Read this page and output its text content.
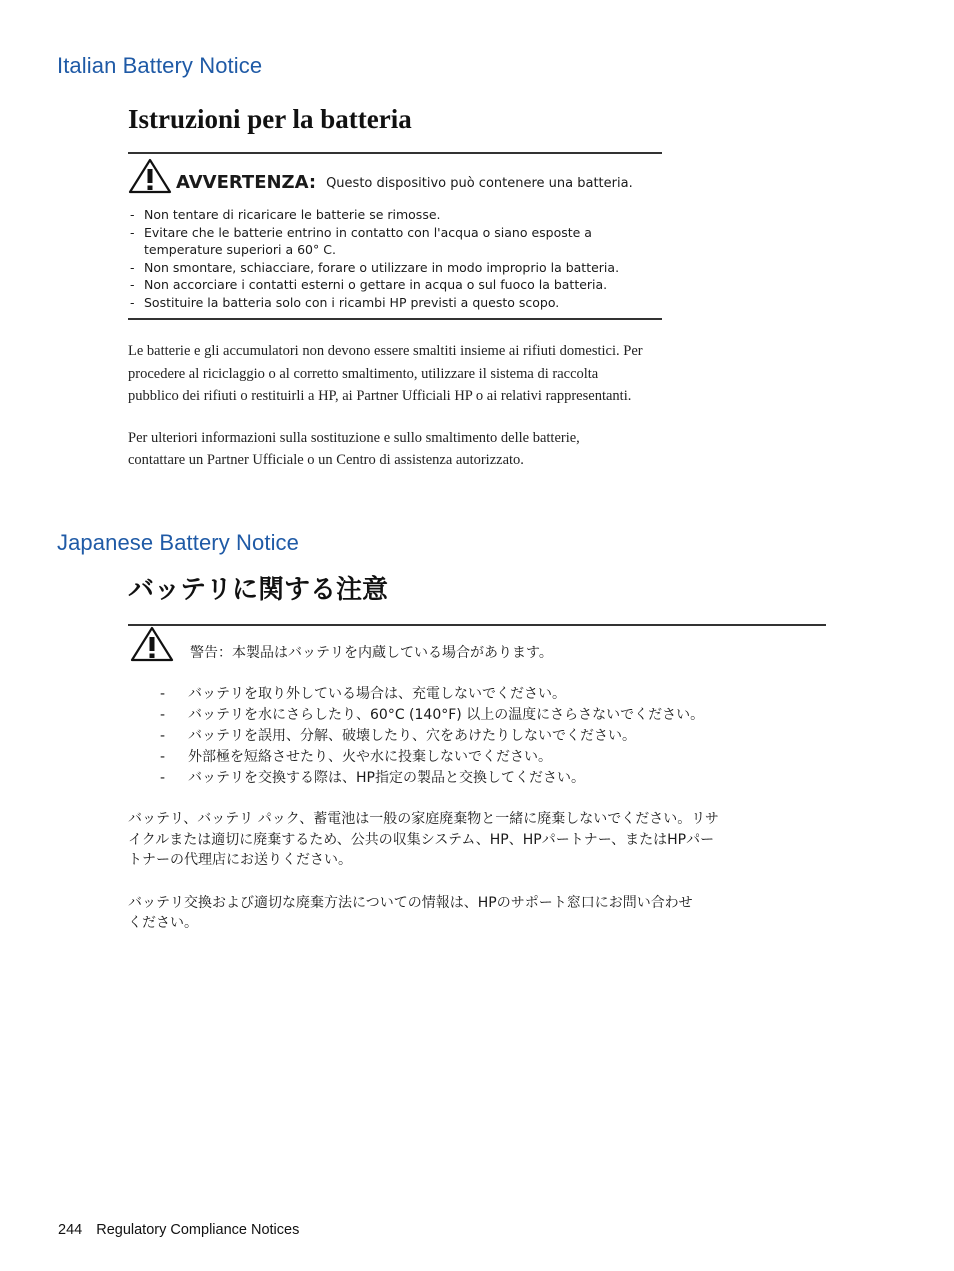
Italian Battery Notice
Istruzioni per la batteria
AVVERTENZA: Questo dispositivo può contenere una batteria.
- Non tentare di ricaricare le batterie se rimosse.
- Evitare che le batterie entrino in contatto con l'acqua o siano esposte a temperature superiori a 60° C.
- Non smontare, schiacciare, forare o utilizzare in modo improprio la batteria.
- Non accorciare i contatti esterni o gettare in acqua o sul fuoco la batteria.
- Sostituire la batteria solo con i ricambi HP previsti a questo scopo.

Le batterie e gli accumulatori non devono essere smaltiti insieme ai rifiuti domestici. Per procedere al riciclaggio o al corretto smaltimento, utilizzare il sistema di raccolta pubblico dei rifiuti o restituirli a HP, ai Partner Ufficiali HP o ai relativi rappresentanti.

Per ulteriori informazioni sulla sostituzione e sullo smaltimento delle batterie, contattare un Partner Ufficiale o un Centro di assistenza autorizzato.

Japanese Battery Notice
バッテリに関する注意
警告：本製品はバッテリを内蔵している場合があります。
-	バッテリを取り外している場合は、充電しないでください。
-	バッテリを水にさらしたり、60°C (140°F) 以上の温度にさらさないでください。
-	バッテリを誤用、分解、破壊したり、穴をあけたりしないでください。
-	外部極を短絡させたり、火や水に投棄しないでください。
-	バッテリを交換する際は、HP指定の製品と交換してください。

バッテリ、バッテリ パック、蓄電池は一般の家庭廃棄物と一緒に廃棄しないでください。リサイクルまたは適切に廃棄するため、公共の収集システム、HP、HPパートナー、またはHPパートナーの代理店にお送りください。

バッテリ交換および適切な廃棄方法についての情報は、HPのサポート窓口にお問い合わせください。

244 Regulatory Compliance Notices
